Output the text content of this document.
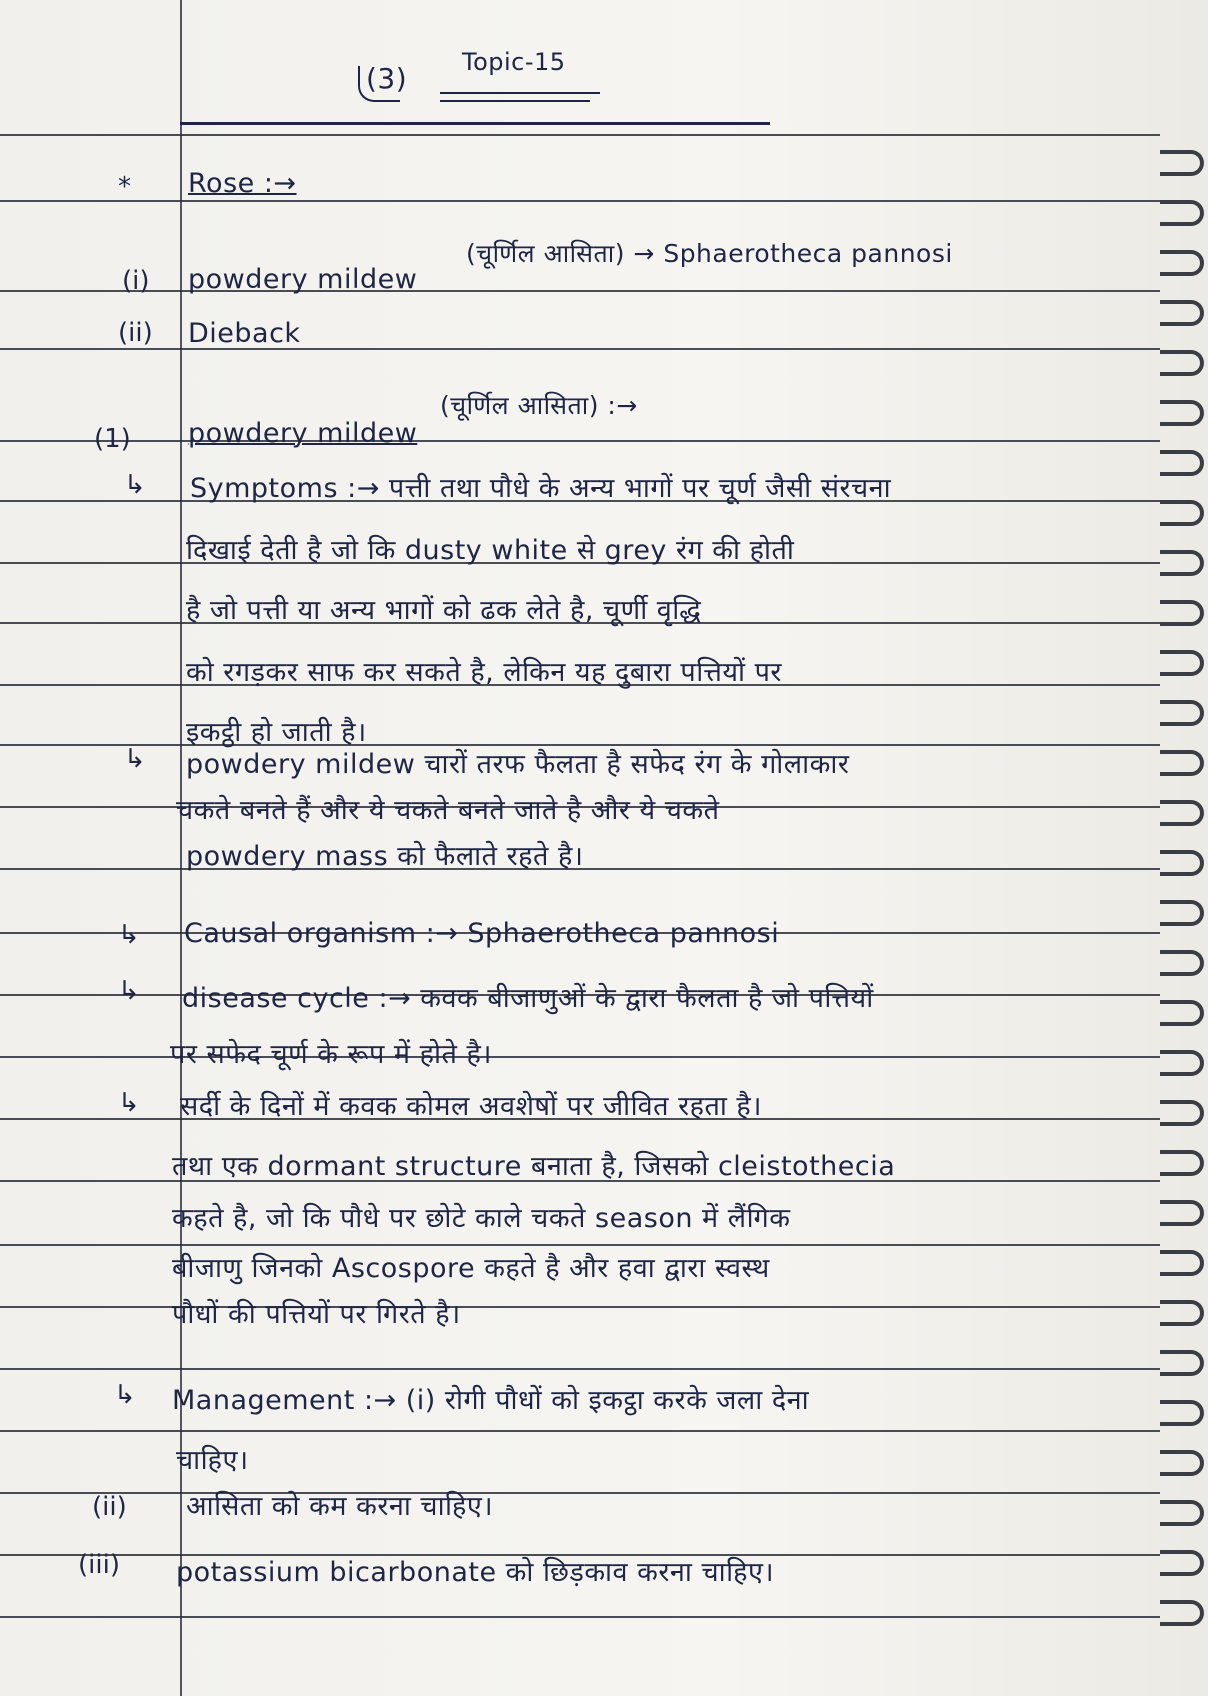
(3) Topic-15
* Rose :→
(चूर्णिल आसिता) → Sphaerotheca pannosi
(i) powdery mildew
(ii) Dieback
(चूर्णिल आसिता) :→
(1) powdery mildew
↳ Symptoms :→ पत्ती तथा पौधे के अन्य भागों पर चूर्ण जैसी संरचना
दिखाई देती है जो कि dusty white से grey रंग की होती
है जो पत्ती या अन्य भागों को ढक लेते है, चूर्णी वृद्धि
को रगड़कर साफ कर सकते है, लेकिन यह दुबारा पत्तियों पर
इकट्ठी हो जाती है।
↳ powdery mildew चारों तरफ फैलता है सफेद रंग के गोलाकार
चकते बनते हैं और ये चकते बनते जाते है और ये चकते
powdery mass को फैलाते रहते है।
↳ Causal organism :→ Sphaerotheca pannosi
↳ disease cycle :→ कवक बीजाणुओं के द्वारा फैलता है जो पत्तियों
पर सफेद चूर्ण के रूप में होते है।
↳ सर्दी के दिनों में कवक कोमल अवशेषों पर जीवित रहता है।
तथा एक dormant structure बनाता है, जिसको cleistothecia
कहते है, जो कि पौधे पर छोटे काले चकते season में लैंगिक
बीजाणु जिनको Ascospore कहते है और हवा द्वारा स्वस्थ
पौधों की पत्तियों पर गिरते है।
↳ Management :→ (i) रोगी पौधों को इकट्ठा करके जला देना
चाहिए।
(ii) आसिता को कम करना चाहिए।
(iii) potassium bicarbonate को छिड़काव करना चाहिए।
